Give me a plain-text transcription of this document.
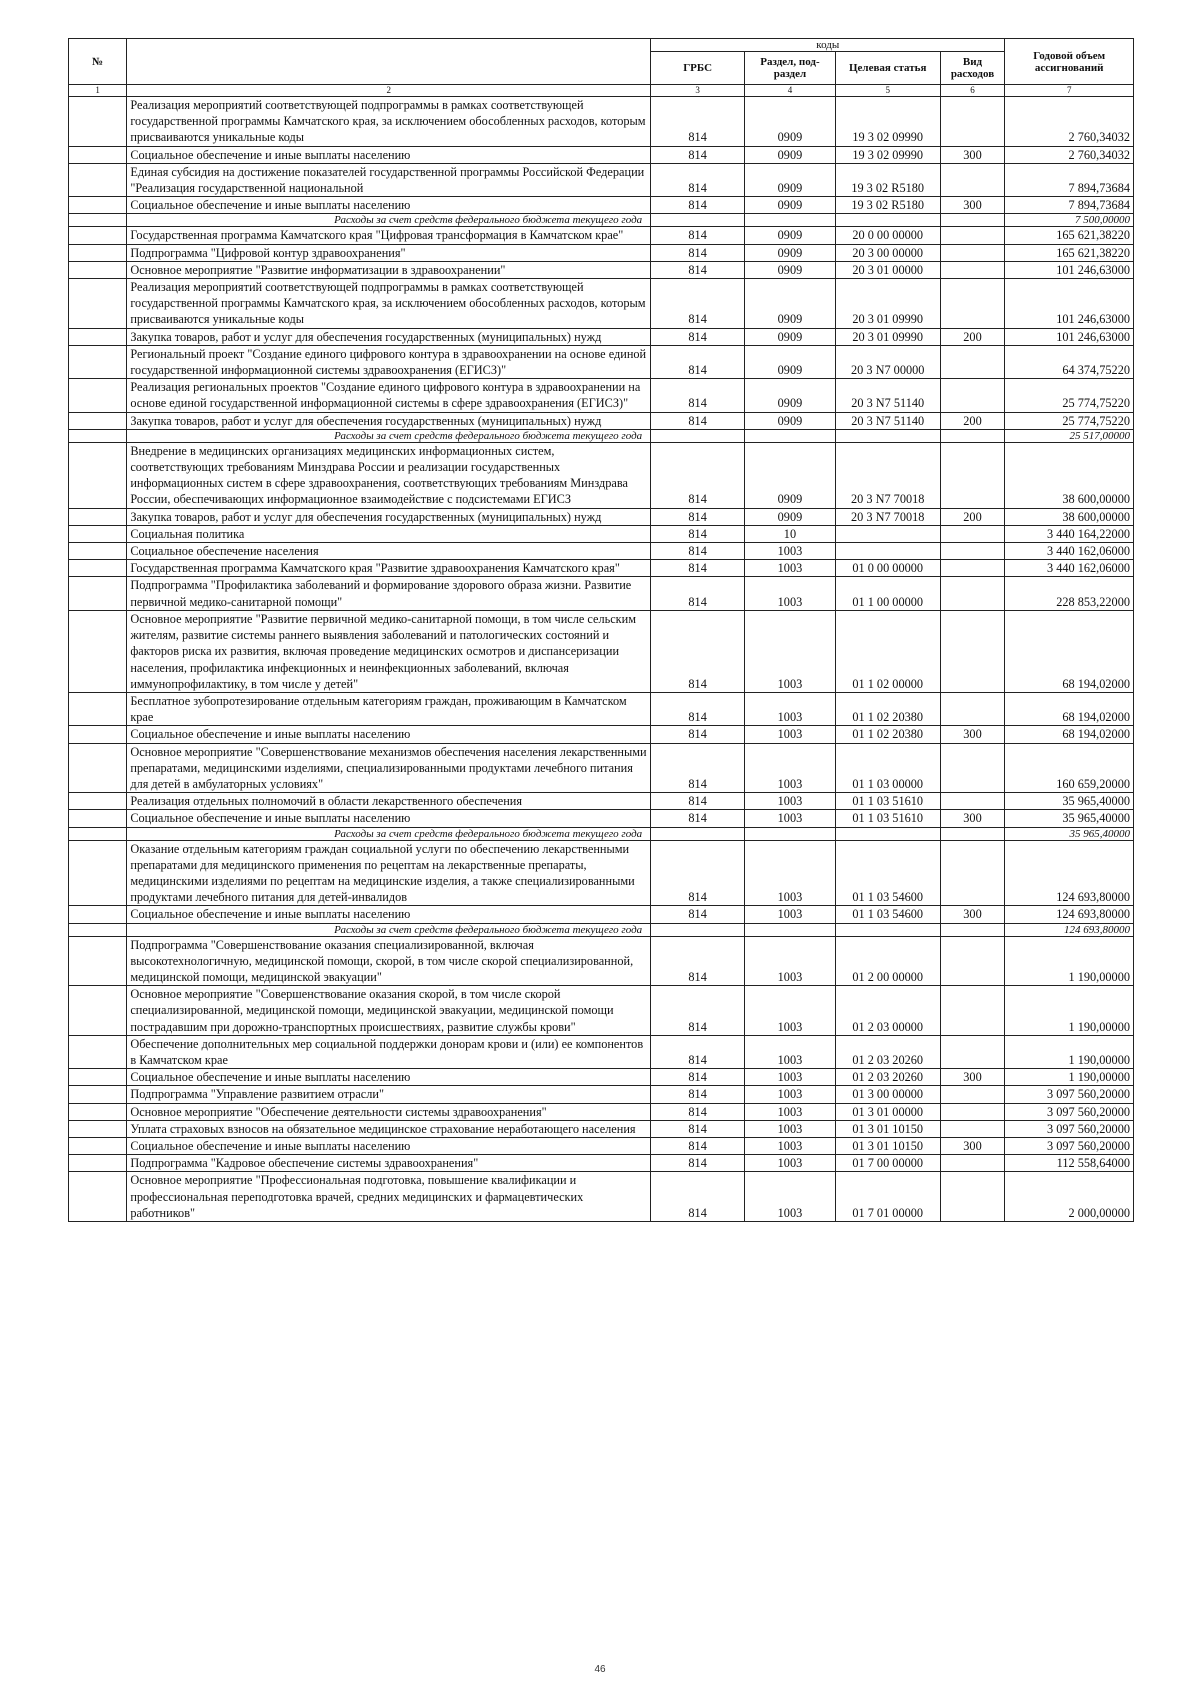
№		коды				Годовой объем ассигнований
		ГРБС	Раздел, под-раздел	Целевая статья	Вид расходов	
1	2	3	4	5	6	7
	Реализация мероприятий соответствующей подпрограммы в рамках соответствующей государственной программы Камчатского края, за исключением обособленных расходов, которым присваиваются уникальные коды	814	0909	19 3 02 09990		2 760,34032
	Социальное обеспечение и иные выплаты населению	814	0909	19 3 02 09990	300	2 760,34032
	Единая субсидия на достижение показателей государственной программы Российской Федерации "Реализация государственной национальной	814	0909	19 3 02 R5180		7 894,73684
	Социальное обеспечение и иные выплаты населению	814	0909	19 3 02 R5180	300	7 894,73684
	Расходы за счет средств федерального бюджета текущего года					7 500,00000
	Государственная программа Камчатского края "Цифровая трансформация в Камчатском крае"	814	0909	20 0 00 00000		165 621,38220
	Подпрограмма "Цифровой контур здравоохранения"	814	0909	20 3 00 00000		165 621,38220
	Основное мероприятие "Развитие информатизации в здравоохранении"	814	0909	20 3 01 00000		101 246,63000
	Реализация мероприятий соответствующей подпрограммы в рамках соответствующей государственной программы Камчатского края, за исключением обособленных расходов, которым присваиваются уникальные коды	814	0909	20 3 01 09990		101 246,63000
	Закупка товаров, работ и услуг для обеспечения государственных (муниципальных) нужд	814	0909	20 3 01 09990	200	101 246,63000
	Региональный проект "Создание единого цифрового контура в здравоохранении на основе единой государственной информационной системы здравоохранения (ЕГИСЗ)"	814	0909	20 3 N7 00000		64 374,75220
	Реализация региональных проектов "Создание единого цифрового контура в здравоохранении на основе единой государственной информационной системы в сфере здравоохранения (ЕГИСЗ)"	814	0909	20 3 N7 51140		25 774,75220
	Закупка товаров, работ и услуг для обеспечения государственных (муниципальных) нужд	814	0909	20 3 N7 51140	200	25 774,75220
	Расходы за счет средств федерального бюджета текущего года					25 517,00000
	Внедрение в медицинских организациях медицинских информационных систем, соответствующих требованиям Минздрава России и реализации государственных информационных систем в сфере здравоохранения, соответствующих требованиям Минздрава России, обеспечивающих информационное взаимодействие с подсистемами ЕГИСЗ	814	0909	20 3 N7 70018		38 600,00000
	Закупка товаров, работ и услуг для обеспечения государственных (муниципальных) нужд	814	0909	20 3 N7 70018	200	38 600,00000
	Социальная политика	814	10			3 440 164,22000
	Социальное обеспечение населения	814	1003			3 440 162,06000
	Государственная программа Камчатского края "Развитие здравоохранения Камчатского края"	814	1003	01 0 00 00000		3 440 162,06000
	Подпрограмма "Профилактика заболеваний и формирование здорового образа жизни. Развитие первичной медико-санитарной помощи"	814	1003	01 1 00 00000		228 853,22000
	Основное мероприятие "Развитие первичной медико-санитарной помощи, в том числе сельским жителям, развитие системы раннего выявления заболеваний и патологических состояний и факторов риска их развития, включая проведение медицинских осмотров и диспансеризации населения, профилактика инфекционных и неинфекционных заболеваний, включая иммунопрофилактику, в том числе у детей"	814	1003	01 1 02 00000		68 194,02000
	Бесплатное зубопротезирование отдельным категориям граждан, проживающим в Камчатском крае	814	1003	01 1 02 20380		68 194,02000
	Социальное обеспечение и иные выплаты населению	814	1003	01 1 02 20380	300	68 194,02000
	Основное мероприятие "Совершенствование механизмов обеспечения населения лекарственными препаратами, медицинскими изделиями, специализированными продуктами лечебного питания для детей в амбулаторных условиях"	814	1003	01 1 03 00000		160 659,20000
	Реализация отдельных полномочий в области лекарственного обеспечения	814	1003	01 1 03 51610		35 965,40000
	Социальное обеспечение и иные выплаты населению	814	1003	01 1 03 51610	300	35 965,40000
	Расходы за счет средств федерального бюджета текущего года					35 965,40000
	Оказание отдельным категориям граждан социальной услуги по обеспечению лекарственными препаратами для медицинского применения по рецептам на лекарственные препараты, медицинскими изделиями по рецептам на медицинские изделия, а также специализированными продуктами лечебного питания для детей-инвалидов	814	1003	01 1 03 54600		124 693,80000
	Социальное обеспечение и иные выплаты населению	814	1003	01 1 03 54600	300	124 693,80000
	Расходы за счет средств федерального бюджета текущего года					124 693,80000
	Подпрограмма "Совершенствование оказания специализированной, включая высокотехнологичную, медицинской помощи, скорой, в том числе скорой специализированной, медицинской помощи, медицинской эвакуации"	814	1003	01 2 00 00000		1 190,00000
	Основное мероприятие "Совершенствование оказания скорой, в том числе скорой специализированной, медицинской помощи, медицинской эвакуации, медицинской помощи пострадавшим при дорожно-транспортных происшествиях, развитие службы крови"	814	1003	01 2 03 00000		1 190,00000
	Обеспечение дополнительных мер социальной поддержки донорам крови и (или) ее компонентов в Камчатском крае	814	1003	01 2 03 20260		1 190,00000
	Социальное обеспечение и иные выплаты населению	814	1003	01 2 03 20260	300	1 190,00000
	Подпрограмма "Управление развитием отрасли"	814	1003	01 3 00 00000		3 097 560,20000
	Основное мероприятие "Обеспечение деятельности системы здравоохранения"	814	1003	01 3 01 00000		3 097 560,20000
	Уплата страховых взносов на обязательное медицинское страхование неработающего населения	814	1003	01 3 01 10150		3 097 560,20000
	Социальное обеспечение и иные выплаты населению	814	1003	01 3 01 10150	300	3 097 560,20000
	Подпрограмма "Кадровое обеспечение системы здравоохранения"	814	1003	01 7 00 00000		112 558,64000
	Основное мероприятие "Профессиональная подготовка, повышение квалификации и профессиональная переподготовка врачей, средних медицинских и фармацевтических работников"	814	1003	01 7 01 00000		2 000,00000
46
